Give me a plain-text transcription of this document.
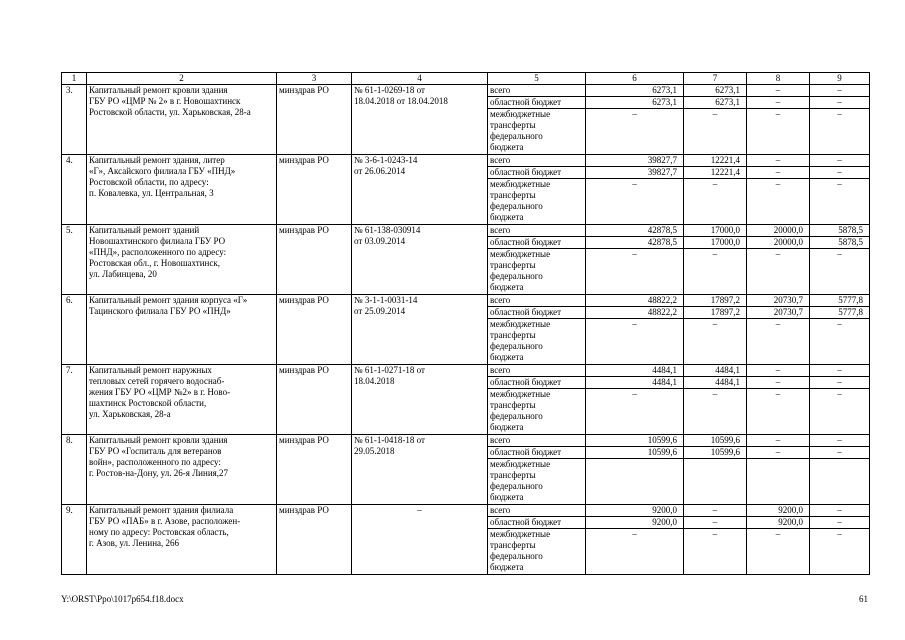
1	2	3	4	5	6	7	8	9
3.	Капитальный ремонт кровли здания
ГБУ РО «ЦМР № 2» в г. Новошахтинск
Ростовской области, ул. Харьковская, 28-а	минздрав РО	№ 61-1-0269-18 от
18.04.2018 от 18.04.2018	всего	6273,1	6273,1	–	–
				областной бюджет	6273,1	6273,1	–	–
				межбюджетные
трансферты
федерального
бюджета	–	–	–	–
4.	Капитальный ремонт здания, литер
«Г», Аксайского филиала ГБУ «ПНД»
Ростовской области, по адресу:
п. Ковалевка, ул. Центральная, 3	минздрав РО	№ 3-6-1-0243-14
от 26.06.2014	всего	39827,7	12221,4	–	–
				областной бюджет	39827,7	12221,4	–	–
				межбюджетные
трансферты
федерального
бюджета	–	–	–	–
5.	Капитальный ремонт зданий
Новошахтинского филиала ГБУ РО
«ПНД», расположенного по адресу:
Ростовская обл., г. Новошахтинск,
ул. Лабинцева, 20	минздрав РО	№ 61-138-030914
от 03.09.2014	всего	42878,5	17000,0	20000,0	5878,5
				областной бюджет	42878,5	17000,0	20000,0	5878,5
				межбюджетные
трансферты
федерального
бюджета	–	–	–	–
6.	Капитальный ремонт здания корпуса «Г»
Тацинского филиала ГБУ РО «ПНД»	минздрав РО	№ 3-1-1-0031-14
от 25.09.2014	всего	48822,2	17897,2	20730,7	5777,8
				областной бюджет	48822,2	17897,2	20730,7	5777,8
				межбюджетные
трансферты
федерального
бюджета	–	–	–	–
7.	Капитальный ремонт наружных
тепловых сетей горячего водоснаб-
жения ГБУ РО «ЦМР №2» в г. Ново-
шахтинск Ростовской области,
ул. Харьковская, 28-а	минздрав РО	№ 61-1-0271-18 от
18.04.2018	всего	4484,1	4484,1	–	–
				областной бюджет	4484,1	4484,1	–	–
				межбюджетные
трансферты
федерального
бюджета	–	–	–	–
8.	Капитальный ремонт кровли здания
ГБУ РО «Госпиталь для ветеранов
войн», расположенного по адресу:
г. Ростов-на-Дону, ул. 26-я Линия,27	минздрав РО	№ 61-1-0418-18 от
29.05.2018	всего	10599,6	10599,6	–	–
				областной бюджет	10599,6	10599,6	–	–
				межбюджетные
трансферты
федерального
бюджета				
9.	Капитальный ремонт здания филиала
ГБУ РО «ПАБ» в г. Азове, расположен-
ному по адресу: Ростовская область,
г. Азов, ул. Ленина, 266	минздрав РО	–	всего	9200,0	–	9200,0	–
				областной бюджет	9200,0	–	9200,0	–
				межбюджетные
трансферты
федерального
бюджета	–	–	–	–
Y:\ORST\Ppo\1017p654.f18.docx	61
